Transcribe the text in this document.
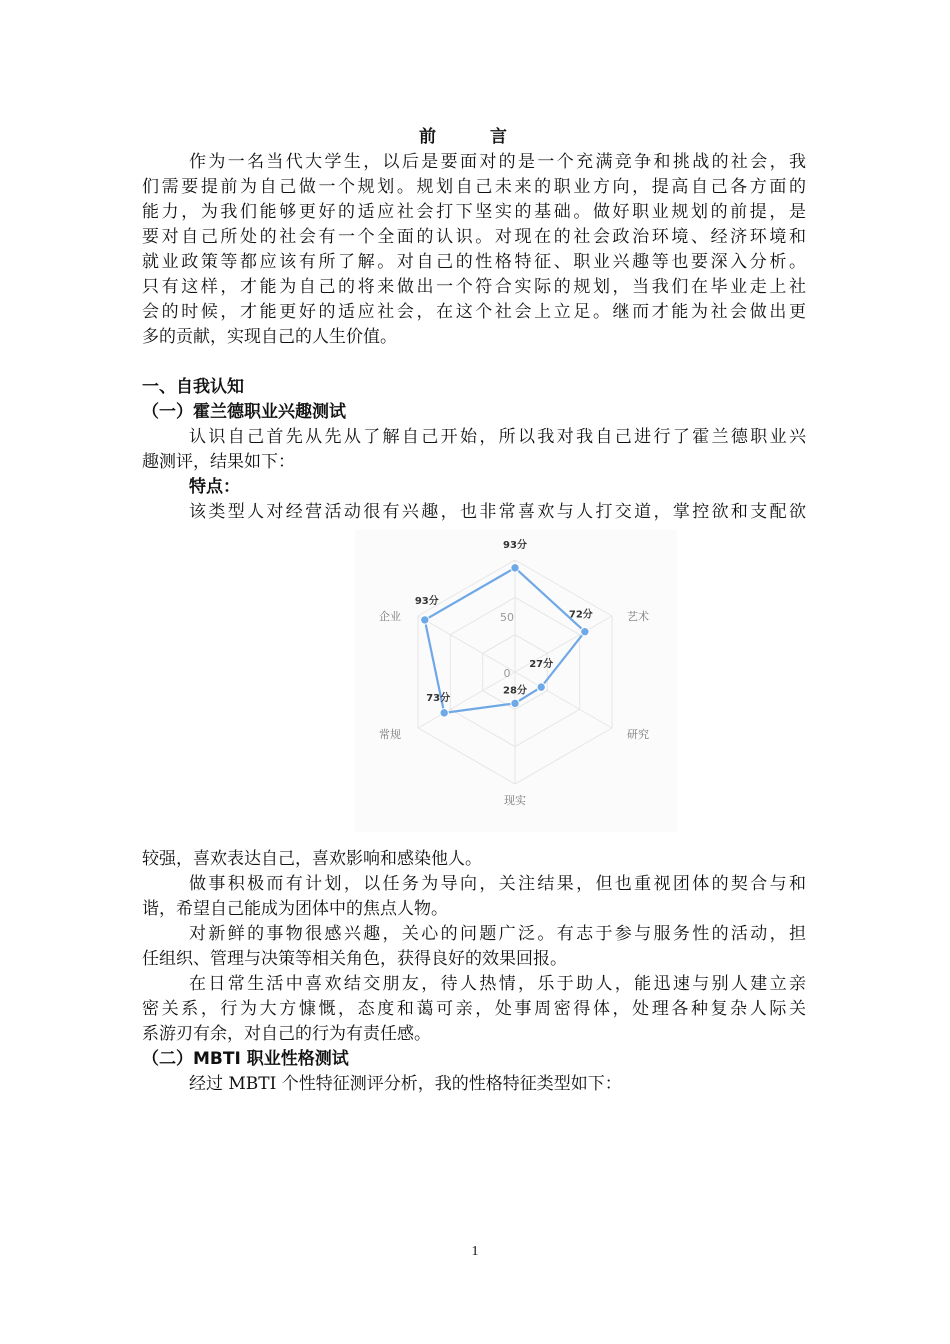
前 言
作为一名当代大学生，以后是要面对的是一个充满竞争和挑战的社会，我
们需要提前为自己做一个规划。规划自己未来的职业方向，提高自己各方面的
能力，为我们能够更好的适应社会打下坚实的基础。做好职业规划的前提，是
要对自己所处的社会有一个全面的认识。对现在的社会政治环境、经济环境和
就业政策等都应该有所了解。对自己的性格特征、职业兴趣等也要深入分析。
只有这样，才能为自己的将来做出一个符合实际的规划，当我们在毕业走上社
会的时候，才能更好的适应社会，在这个社会上立足。继而才能为社会做出更
多的贡献，实现自己的人生价值。
一、自我认知
（一）霍兰德职业兴趣测试
认识自己首先从先从了解自己开始，所以我对我自己进行了霍兰德职业兴
趣测评，结果如下：
特点：
该类型人对经营活动很有兴趣，也非常喜欢与人打交道，掌控欲和支配欲
0
50
93分
72分
27分
28分
73分
93分
艺术
研究
现实
常规
企业
较强，喜欢表达自己，喜欢影响和感染他人。
做事积极而有计划，以任务为导向，关注结果，但也重视团体的契合与和
谐，希望自己能成为团体中的焦点人物。
对新鲜的事物很感兴趣，关心的问题广泛。有志于参与服务性的活动，担
任组织、管理与决策等相关角色，获得良好的效果回报。
在日常生活中喜欢结交朋友，待人热情，乐于助人，能迅速与别人建立亲
密关系，行为大方慷慨，态度和蔼可亲，处事周密得体，处理各种复杂人际关
系游刃有余，对自己的行为有责任感。
（二）MBTI 职业性格测试
经过 MBTI 个性特征测评分析，我的性格特征类型如下：
1
